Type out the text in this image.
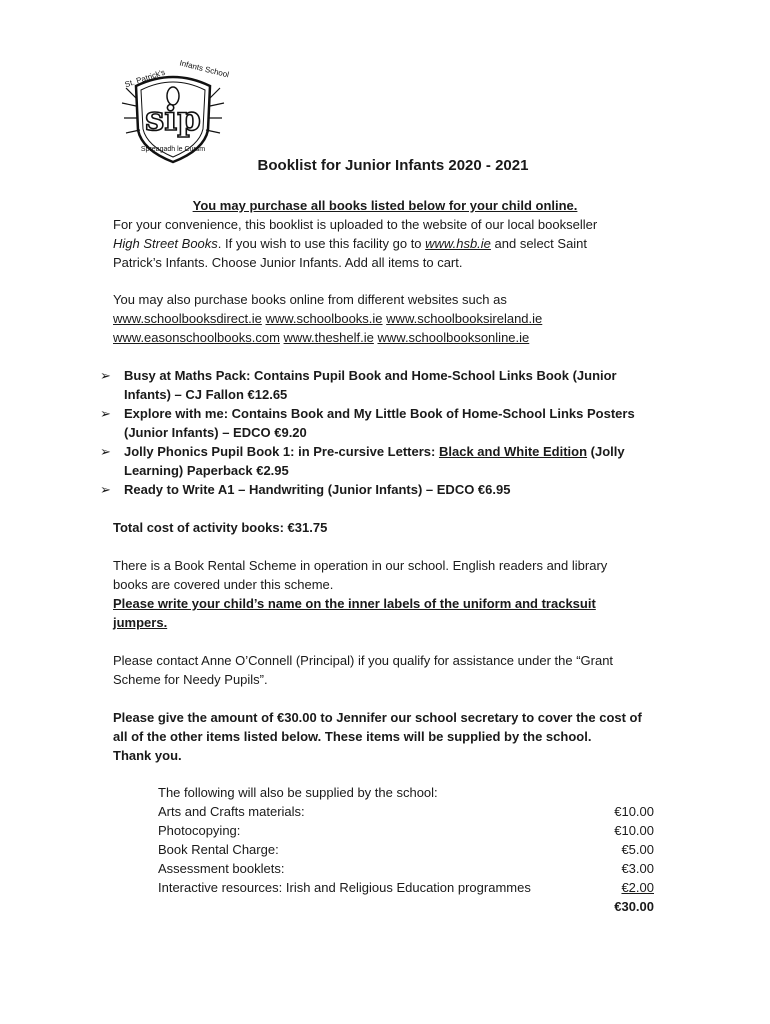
St. Patrick's Infants School
sip
Spreagadh le Cursm
Booklist for Junior Infants 2020 - 2021
You may purchase all books listed below for your child online.
For your convenience, this booklist is uploaded to the website of our local bookseller
High Street Books. If you wish to use this facility go to www.hsb.ie and select Saint
Patrick’s Infants. Choose Junior Infants. Add all items to cart.
You may also purchase books online from different websites such as
www.schoolbooksdirect.ie www.schoolbooks.ie www.schoolbooksireland.ie
www.easonschoolbooks.com www.theshelf.ie www.schoolbooksonline.ie
➢ Busy at Maths Pack: Contains Pupil Book and Home-School Links Book (Junior
Infants) – CJ Fallon €12.65
➢ Explore with me: Contains Book and My Little Book of Home-School Links Posters
(Junior Infants) – EDCO €9.20
➢ Jolly Phonics Pupil Book 1: in Pre-cursive Letters: Black and White Edition (Jolly
Learning) Paperback €2.95
➢ Ready to Write A1 – Handwriting (Junior Infants) – EDCO €6.95
Total cost of activity books: €31.75
There is a Book Rental Scheme in operation in our school. English readers and library
books are covered under this scheme.
Please write your child’s name on the inner labels of the uniform and tracksuit
jumpers.
Please contact Anne O’Connell (Principal) if you qualify for assistance under the “Grant
Scheme for Needy Pupils”.
Please give the amount of €30.00 to Jennifer our school secretary to cover the cost of
all of the other items listed below. These items will be supplied by the school.
Thank you.
The following will also be supplied by the school:
Arts and Crafts materials:	€10.00
Photocopying:	€10.00
Book Rental Charge:	€5.00
Assessment booklets:	€3.00
Interactive resources: Irish and Religious Education programmes	€2.00
€30.00
